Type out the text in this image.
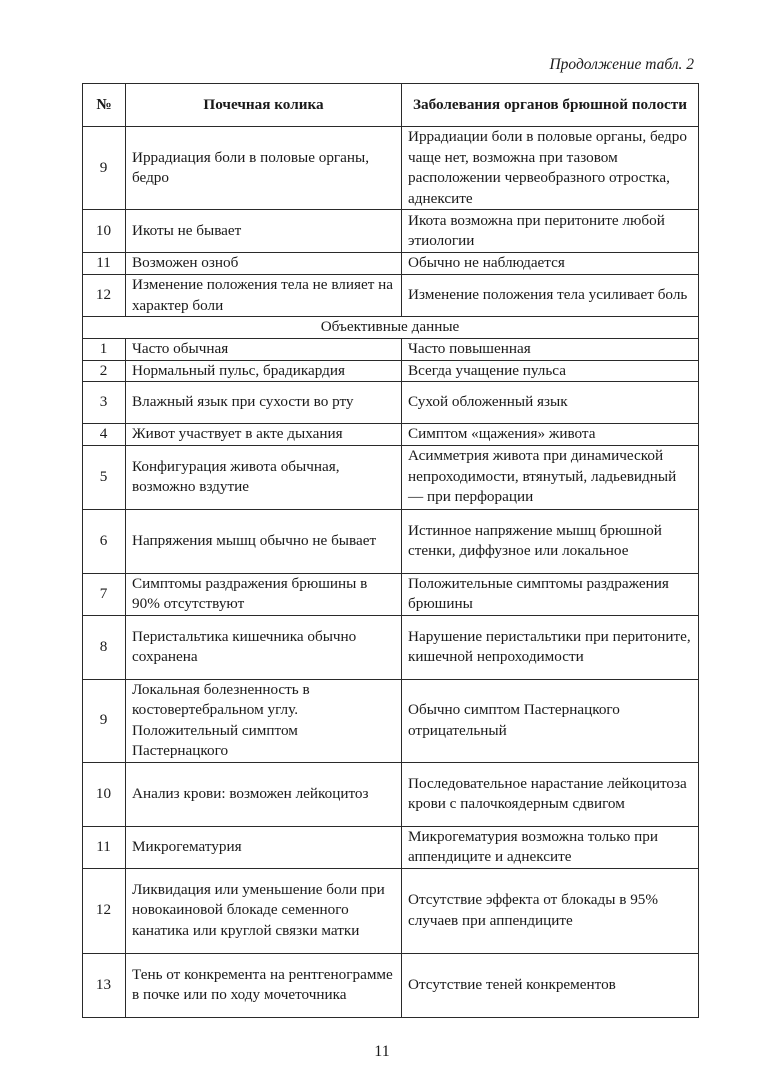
Продолжение табл. 2
№	Почечная колика	Заболевания органов брюшной полости
9	Иррадиация боли в половые органы, бедро	Иррадиации боли в половые органы, бедро чаще нет, возможна при тазовом расположении червеобразного отростка, аднексите
10	Икоты не бывает	Икота возможна при перитоните любой этиологии
11	Возможен озноб	Обычно не наблюдается
12	Изменение положения тела не влияет на характер боли	Изменение положения тела усиливает боль
Объективные данные		
1	Часто обычная	Часто повышенная
2	Нормальный пульс, брадикардия	Всегда учащение пульса
3	Влажный язык при сухости во рту	Сухой обложенный язык
4	Живот участвует в акте дыхания	Симптом «щажения» живота
5	Конфигурация живота обычная, возможно вздутие	Асимметрия живота при динамической непроходимости, втянутый, ладьевидный — при перфорации
6	Напряжения мышц обычно не бывает	Истинное напряжение мышц брюшной стенки, диффузное или локальное
7	Симптомы раздражения брюшины в 90% отсутствуют	Положительные симптомы раздражения брюшины
8	Перистальтика кишечника обычно сохранена	Нарушение перистальтики при перитоните, кишечной непроходимости
9	Локальная болезненность в костовертебральном углу. Положительный симптом Пастернацкого	Обычно симптом Пастернацкого отрицательный
10	Анализ крови: возможен лейкоцитоз	Последовательное нарастание лейкоцитоза крови с палочкоядерным сдвигом
11	Микрогематурия	Микрогематурия возможна только при аппендиците и аднексите
12	Ликвидация или уменьшение боли при новокаиновой блокаде семенного канатика или круглой связки матки	Отсутствие эффекта от блокады в 95% случаев при аппендиците
13	Тень от конкремента на рентгенограмме в почке или по ходу мочеточника	Отсутствие теней конкрементов
11
